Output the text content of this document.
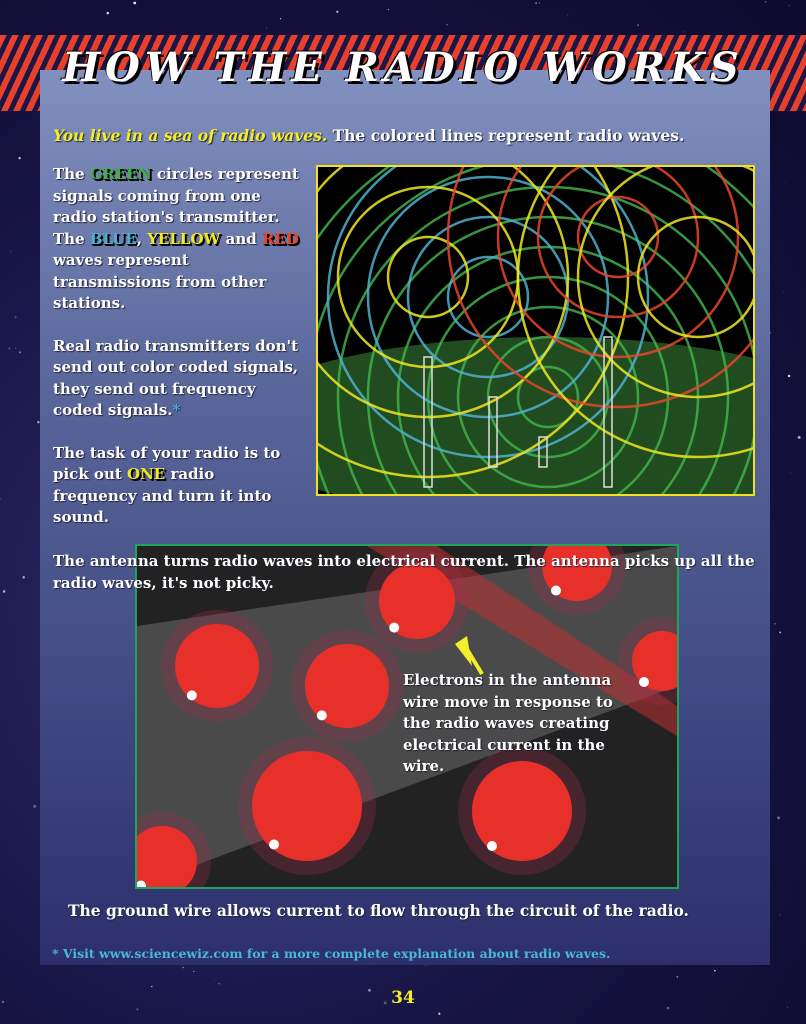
HOW THE RADIO WORKS
You live in a sea of radio waves. The colored lines represent radio waves.
The GREEN circles represent signals coming from one radio station's transmitter. The BLUE, YELLOW and RED waves represent transmissions from other stations.
Real radio transmitters don't send out color coded signals, they send out frequency coded signals.*
The task of your radio is to pick out ONE radio frequency and turn it into sound.
The antenna turns radio waves into electrical current. The antenna picks up all the radio waves, it's not picky.
Electrons in the antenna wire move in response to the radio waves creating electrical current in the wire.
The ground wire allows current to flow through the circuit of the radio.
* Visit www.sciencewiz.com for a more complete explanation about radio waves.
34
